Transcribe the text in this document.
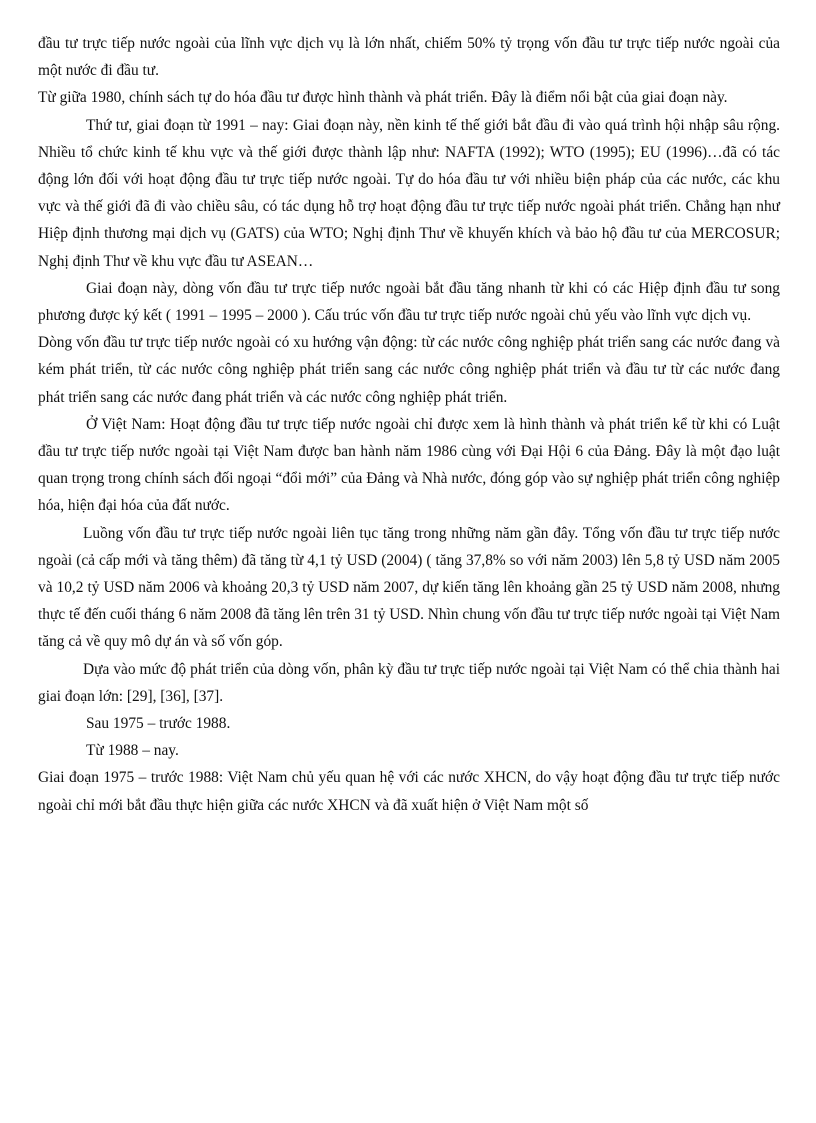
đầu tư trực tiếp nước ngoài của lĩnh vực dịch vụ là lớn nhất, chiếm 50% tỷ trọng vốn đầu tư trực tiếp nước ngoài của một nước đi đầu tư.

Từ giữa 1980, chính sách tự do hóa đầu tư được hình thành và phát triển. Đây là điểm nổi bật của giai đoạn này.

Thứ tư, giai đoạn từ 1991 – nay: Giai đoạn này, nền kinh tế thế giới bắt đầu đi vào quá trình hội nhập sâu rộng. Nhiều tổ chức kinh tế khu vực và thế giới được thành lập như: NAFTA (1992); WTO (1995); EU (1996)…đã có tác động lớn đối với hoạt động đầu tư trực tiếp nước ngoài. Tự do hóa đầu tư với nhiều biện pháp của các nước, các khu vực và thế giới đã đi vào chiều sâu, có tác dụng hỗ trợ hoạt động đầu tư trực tiếp nước ngoài phát triển. Chẳng hạn như Hiệp định thương mại dịch vụ (GATS) của WTO; Nghị định Thư về khuyến khích và bảo hộ đầu tư của MERCOSUR; Nghị định Thư về khu vực đầu tư ASEAN…

Giai đoạn này, dòng vốn đầu tư trực tiếp nước ngoài bắt đầu tăng nhanh từ khi có các Hiệp định đầu tư song phương được ký kết ( 1991 – 1995 – 2000 ). Cấu trúc vốn đầu tư trực tiếp nước ngoài chủ yếu vào lĩnh vực dịch vụ.

Dòng vốn đầu tư trực tiếp nước ngoài có xu hướng vận động: từ các nước công nghiệp phát triển sang các nước đang và kém phát triển, từ các nước công nghiệp phát triển sang các nước công nghiệp phát triển và đầu tư từ các nước đang phát triển sang các nước đang phát triển và các nước công nghiệp phát triển.

Ở Việt Nam: Hoạt động đầu tư trực tiếp nước ngoài chỉ được xem là hình thành và phát triển kể từ khi có Luật đầu tư trực tiếp nước ngoài tại Việt Nam được ban hành năm 1986 cùng với Đại Hội 6 của Đảng. Đây là một đạo luật quan trọng trong chính sách đối ngoại “đổi mới” của Đảng và Nhà nước, đóng góp vào sự nghiệp phát triển công nghiệp hóa, hiện đại hóa của đất nước.

Luồng vốn đầu tư trực tiếp nước ngoài liên tục tăng trong những năm gần đây. Tổng vốn đầu tư trực tiếp nước ngoài (cả cấp mới và tăng thêm) đã tăng từ 4,1 tỷ USD (2004) ( tăng 37,8% so với năm 2003) lên 5,8 tỷ USD năm 2005 và 10,2 tỷ USD năm 2006 và khoảng 20,3 tỷ USD năm 2007, dự kiến tăng lên khoảng gần 25 tỷ USD năm 2008, nhưng thực tế đến cuối tháng 6 năm 2008 đã tăng lên trên 31 tỷ USD. Nhìn chung vốn đầu tư trực tiếp nước ngoài tại Việt Nam tăng cả về quy mô dự án và số vốn góp.

Dựa vào mức độ phát triển của dòng vốn, phân kỳ đầu tư trực tiếp nước ngoài tại Việt Nam có thể chia thành hai giai đoạn lớn: [29], [36], [37].

Sau 1975 – trước 1988.

Từ 1988 – nay.

Giai đoạn 1975 – trước 1988: Việt Nam chủ yếu quan hệ với các nước XHCN, do vậy hoạt động đầu tư trực tiếp nước ngoài chỉ mới bắt đầu thực hiện giữa các nước XHCN và đã xuất hiện ở Việt Nam một số
